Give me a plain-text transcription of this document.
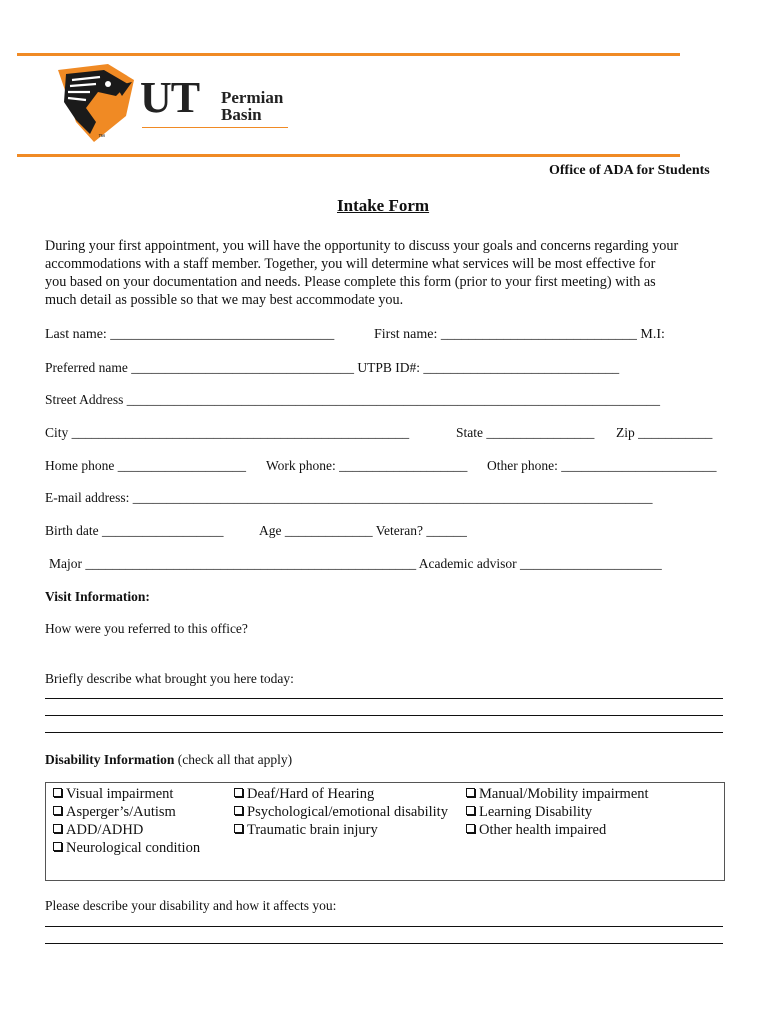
UT Permian
Basin
™
Office of ADA for Students
Intake Form
During your first appointment, you will have the opportunity to discuss your goals and concerns regarding your
accommodations with a staff member. Together, you will determine what services will be most effective for
you based on your documentation and needs. Please complete this form (prior to your first meeting) with as
much detail as possible so that we may best accommodate you.
Last name: ________________________________	First name: ____________________________ M.I:
Preferred name _________________________________ UTPB ID#: _____________________________
Street Address _______________________________________________________________________________
City __________________________________________________	State ________________ Zip ___________
Home phone ___________________ Work phone: ___________________ Other phone: _______________________
E-mail address: _____________________________________________________________________________
Birth date __________________	Age _____________ Veteran? ______
Major _________________________________________________ Academic advisor _____________________
Visit Information:
How were you referred to this office?
Briefly describe what brought you here today:
Disability Information (check all that apply)
Visual impairment
Asperger’s/Autism
ADD/ADHD
Neurological condition
Deaf/Hard of Hearing
Psychological/emotional disability
Traumatic brain injury
Manual/Mobility impairment
Learning Disability
Other health impaired
Please describe your disability and how it affects you:
